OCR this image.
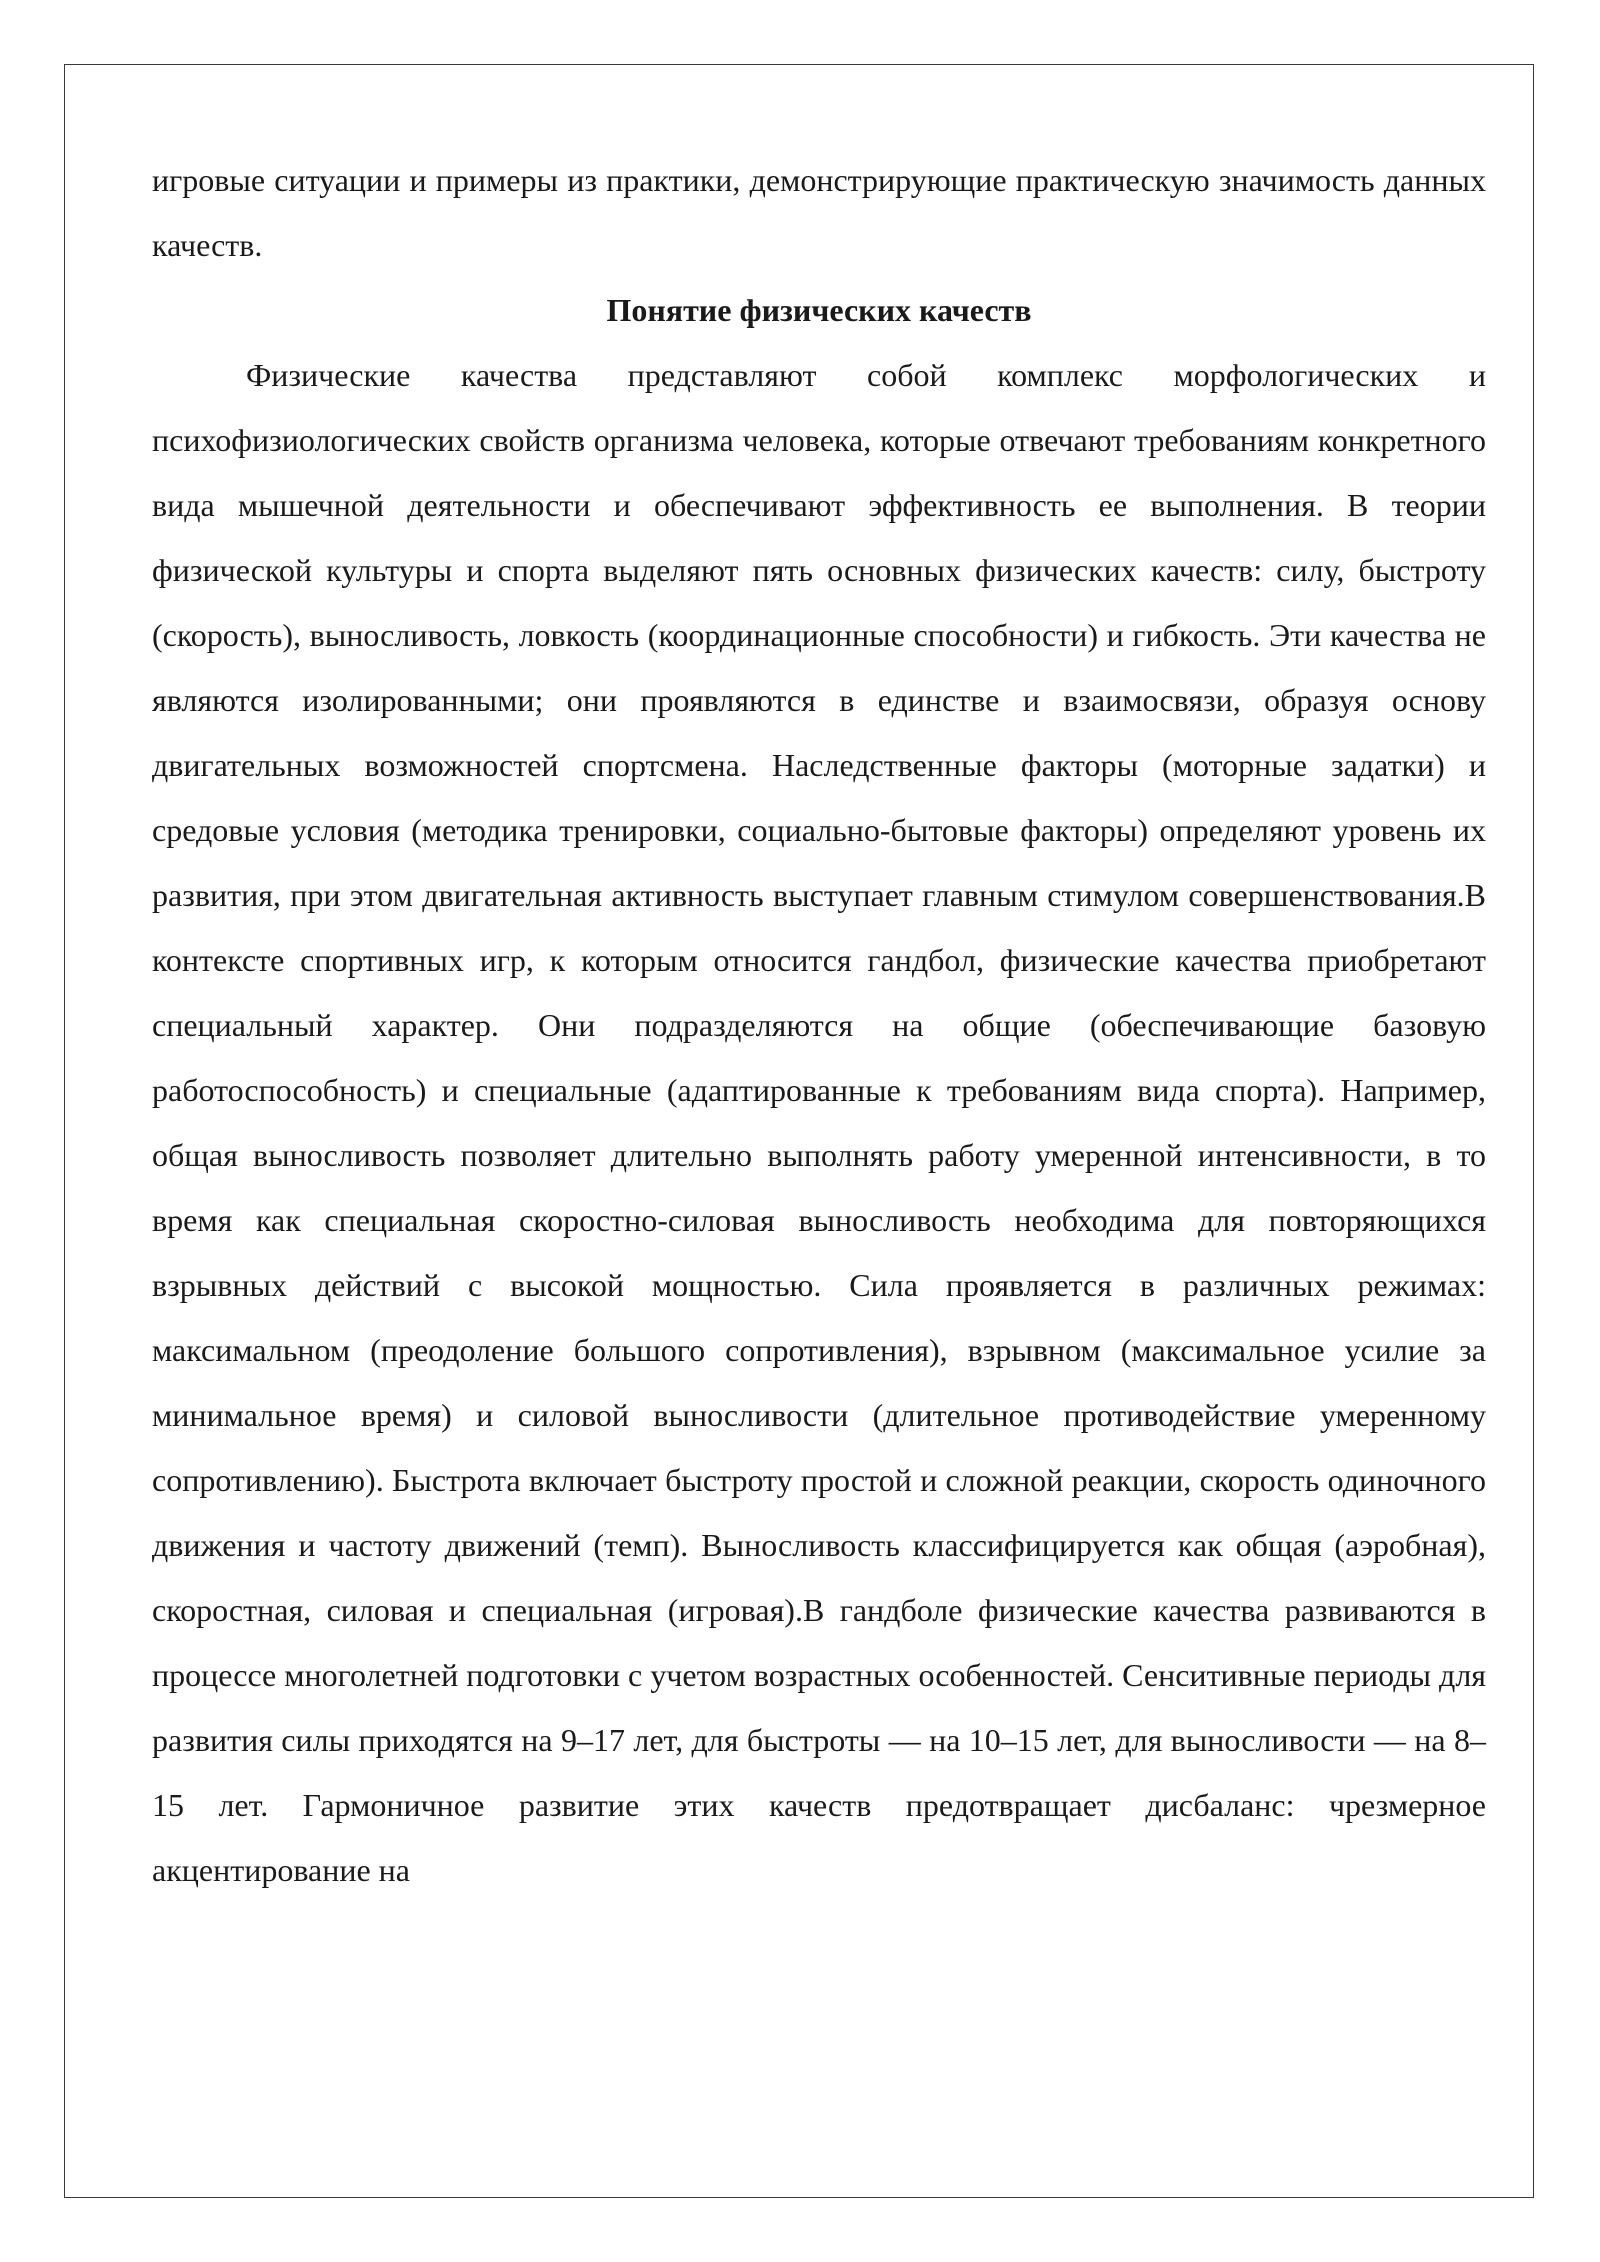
игровые ситуации и примеры из практики, демонстрирующие практическую значимость данных качеств.

Понятие физических качеств

Физические качества представляют собой комплекс морфологических и психофизиологических свойств организма человека, которые отвечают требованиям конкретного вида мышечной деятельности и обеспечивают эффективность ее выполнения. В теории физической культуры и спорта выделяют пять основных физических качеств: силу, быстроту (скорость), выносливость, ловкость (координационные способности) и гибкость. Эти качества не являются изолированными; они проявляются в единстве и взаимосвязи, образуя основу двигательных возможностей спортсмена. Наследственные факторы (моторные задатки) и средовые условия (методика тренировки, социально-бытовые факторы) определяют уровень их развития, при этом двигательная активность выступает главным стимулом совершенствования.В контексте спортивных игр, к которым относится гандбол, физические качества приобретают специальный характер. Они подразделяются на общие (обеспечивающие базовую работоспособность) и специальные (адаптированные к требованиям вида спорта). Например, общая выносливость позволяет длительно выполнять работу умеренной интенсивности, в то время как специальная скоростно-силовая выносливость необходима для повторяющихся взрывных действий с высокой мощностью. Сила проявляется в различных режимах: максимальном (преодоление большого сопротивления), взрывном (максимальное усилие за минимальное время) и силовой выносливости (длительное противодействие умеренному сопротивлению). Быстрота включает быстроту простой и сложной реакции, скорость одиночного движения и частоту движений (темп). Выносливость классифицируется как общая (аэробная), скоростная, силовая и специальная (игровая).В гандболе физические качества развиваются в процессе многолетней подготовки с учетом возрастных особенностей. Сенситивные периоды для развития силы приходятся на 9–17 лет, для быстроты — на 10–15 лет, для выносливости — на 8–15 лет. Гармоничное развитие этих качеств предотвращает дисбаланс: чрезмерное акцентирование на
